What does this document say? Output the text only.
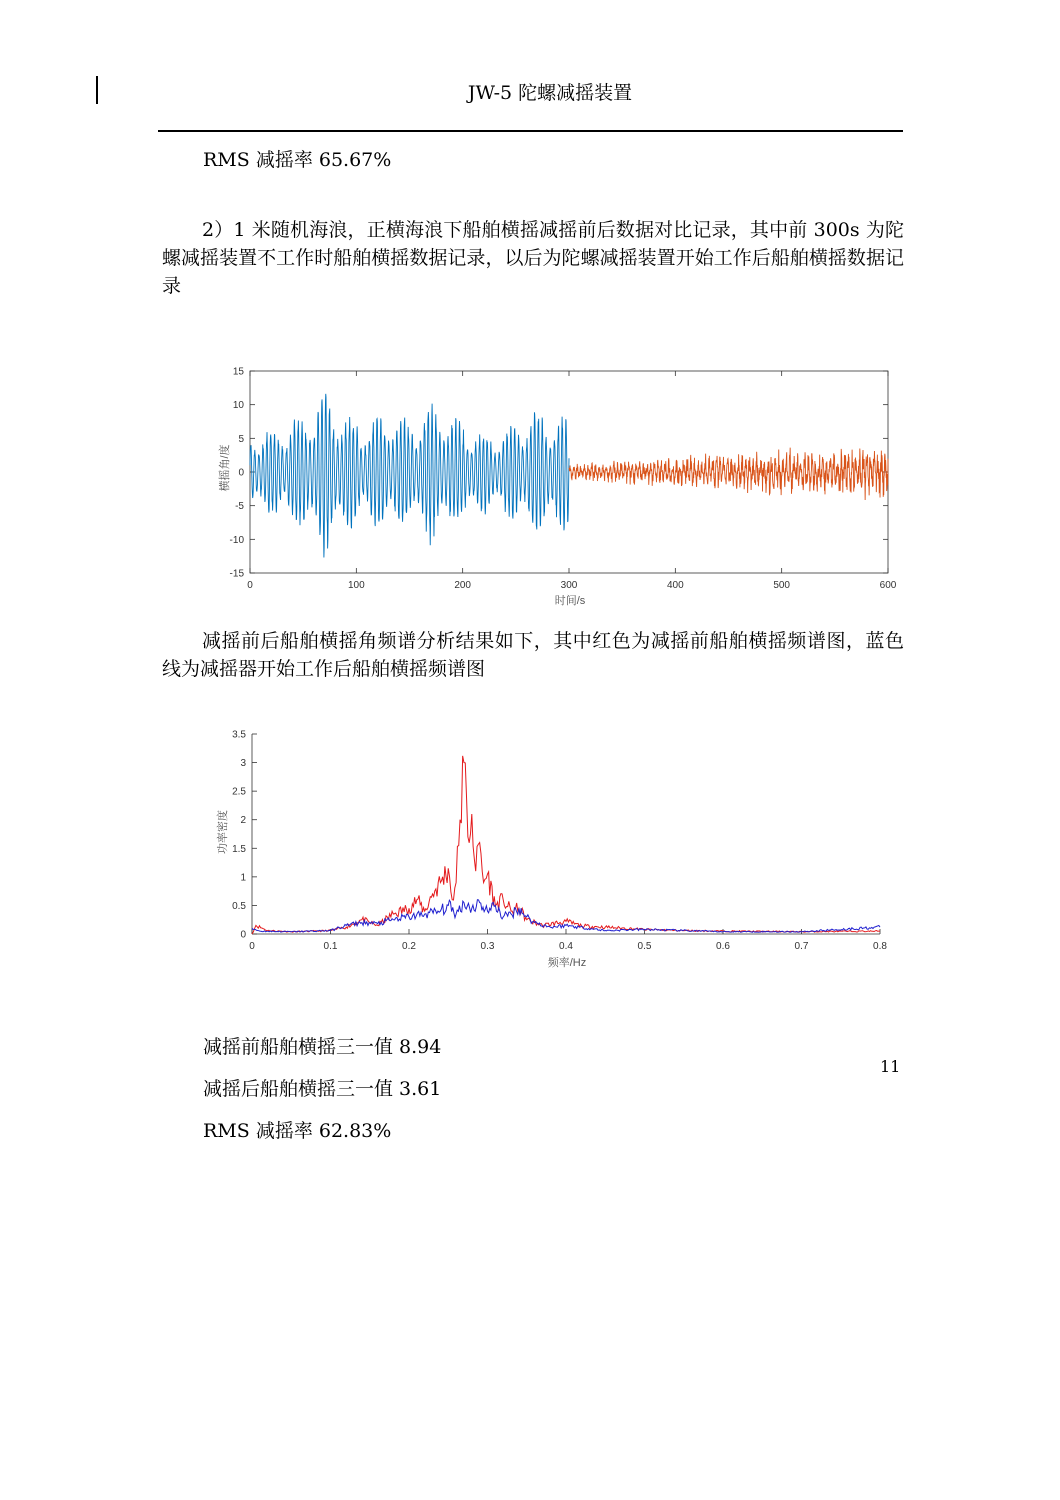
JW-5 陀螺减摇装置
RMS 减摇率 65.67%
2）1 米随机海浪，正横海浪下船舶横摇减摇前后数据对比记录，其中前 300s 为陀螺减摇装置不工作时船舶横摇数据记录，以后为陀螺减摇装置开始工作后船舶横摇数据记录
0	100	200	300	400	500	600
-15
-10
-5
0
5
10
15
时间/s
横摇角/度
减摇前后船舶横摇角频谱分析结果如下，其中红色为减摇前船舶横摇频谱图，蓝色线为减摇器开始工作后船舶横摇频谱图
0	0.1	0.2	0.3	0.4	0.5	0.6	0.7	0.8
0
0.5
1
1.5
2
2.5
3
3.5
频率/Hz
功率密度
减摇前船舶横摇三一值 8.94
减摇后船舶横摇三一值 3.61
RMS 减摇率 62.83%
11
